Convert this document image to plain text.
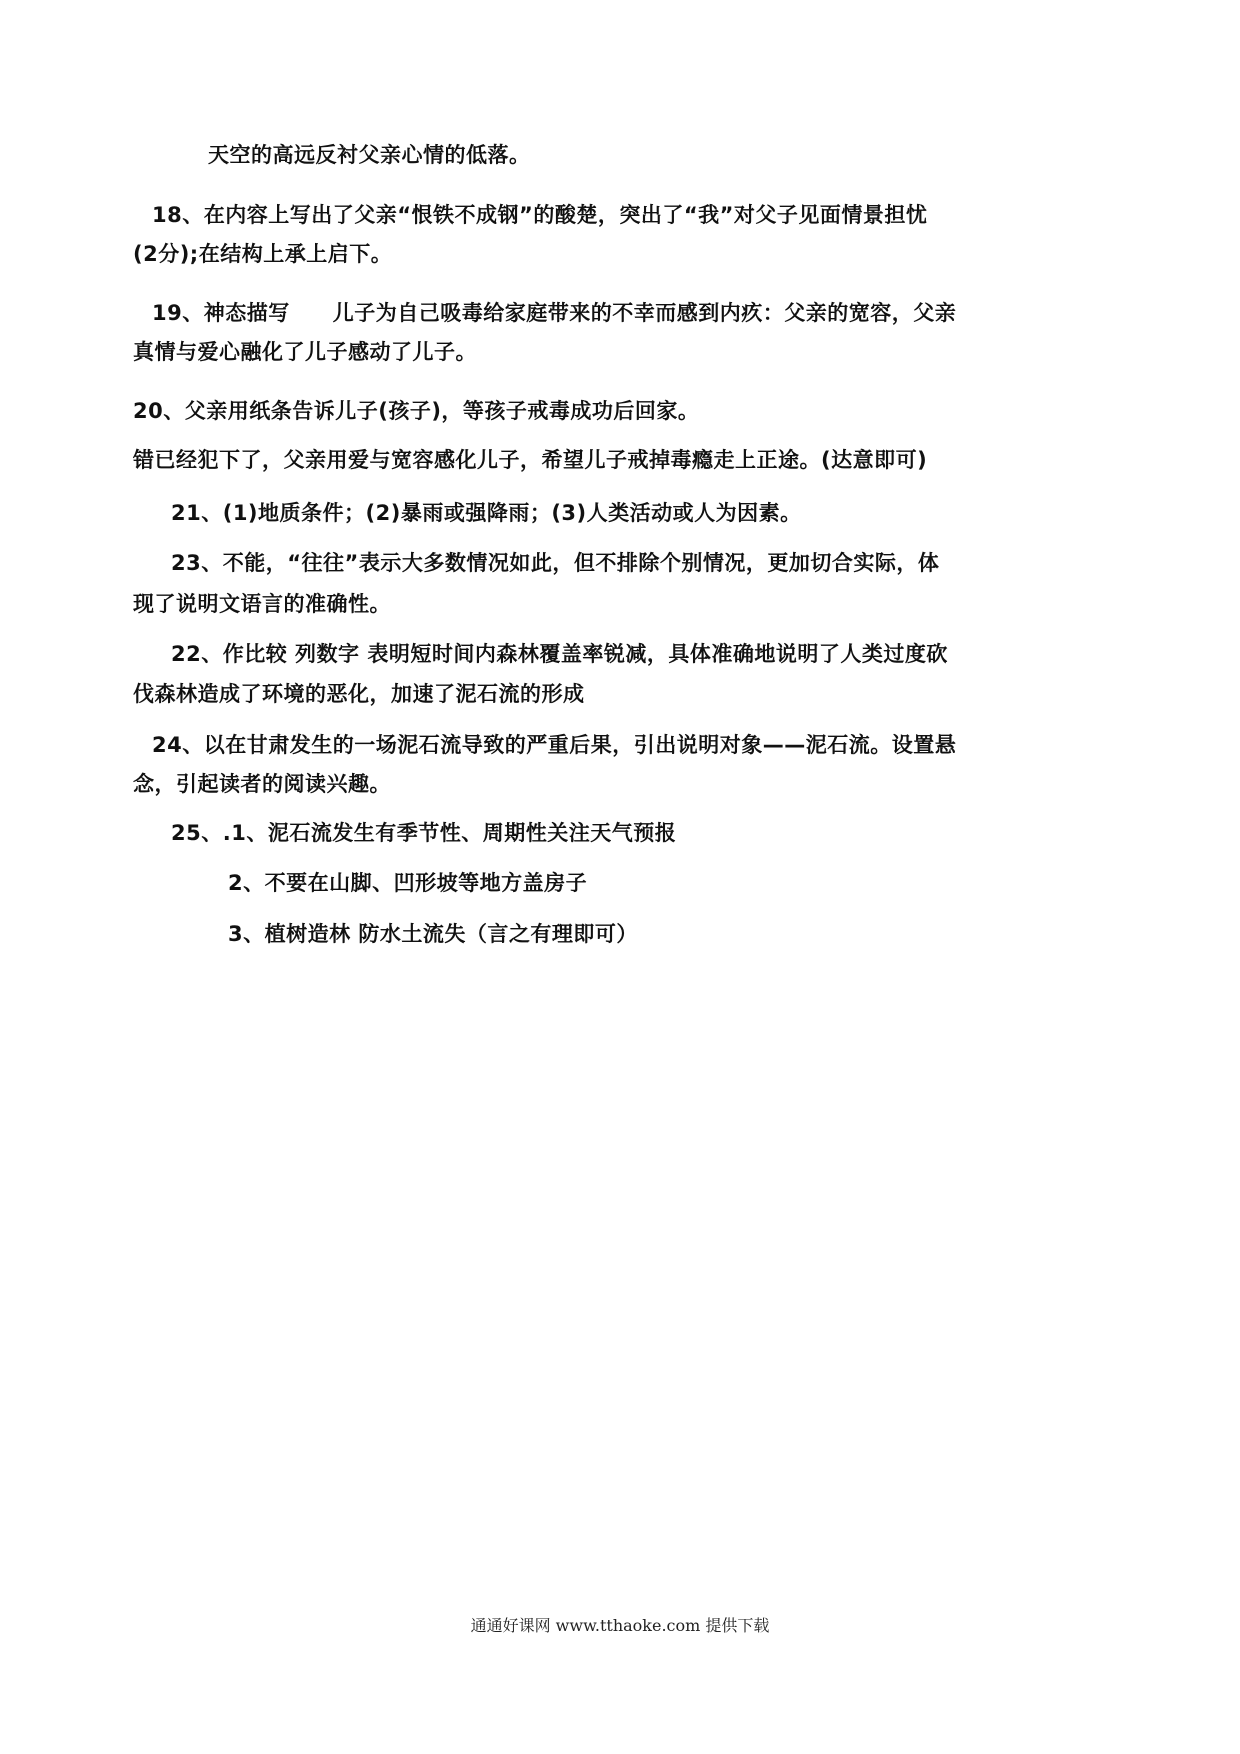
天空的高远反衬父亲心情的低落。
18、在内容上写出了父亲“恨铁不成钢”的酸楚，突出了“我”对父子见面情景担忧
(2分);在结构上承上启下。
19、神态描写　　儿子为自己吸毒给家庭带来的不幸而感到内疚：父亲的宽容，父亲
真情与爱心融化了儿子感动了儿子。
20、父亲用纸条告诉儿子(孩子)，等孩子戒毒成功后回家。
错已经犯下了，父亲用爱与宽容感化儿子，希望儿子戒掉毒瘾走上正途。(达意即可)
21、(1)地质条件；(2)暴雨或强降雨；(3)人类活动或人为因素。
23、不能，“往往”表示大多数情况如此，但不排除个别情况，更加切合实际，体
现了说明文语言的准确性。
22、作比较 列数字 表明短时间内森林覆盖率锐减，具体准确地说明了人类过度砍
伐森林造成了环境的恶化，加速了泥石流的形成
24、以在甘肃发生的一场泥石流导致的严重后果，引出说明对象——泥石流。设置悬
念，引起读者的阅读兴趣。
25、.1、泥石流发生有季节性、周期性关注天气预报
2、不要在山脚、凹形坡等地方盖房子
3、植树造林 防水土流失（言之有理即可）
通通好课网 www.tthaoke.com 提供下载
